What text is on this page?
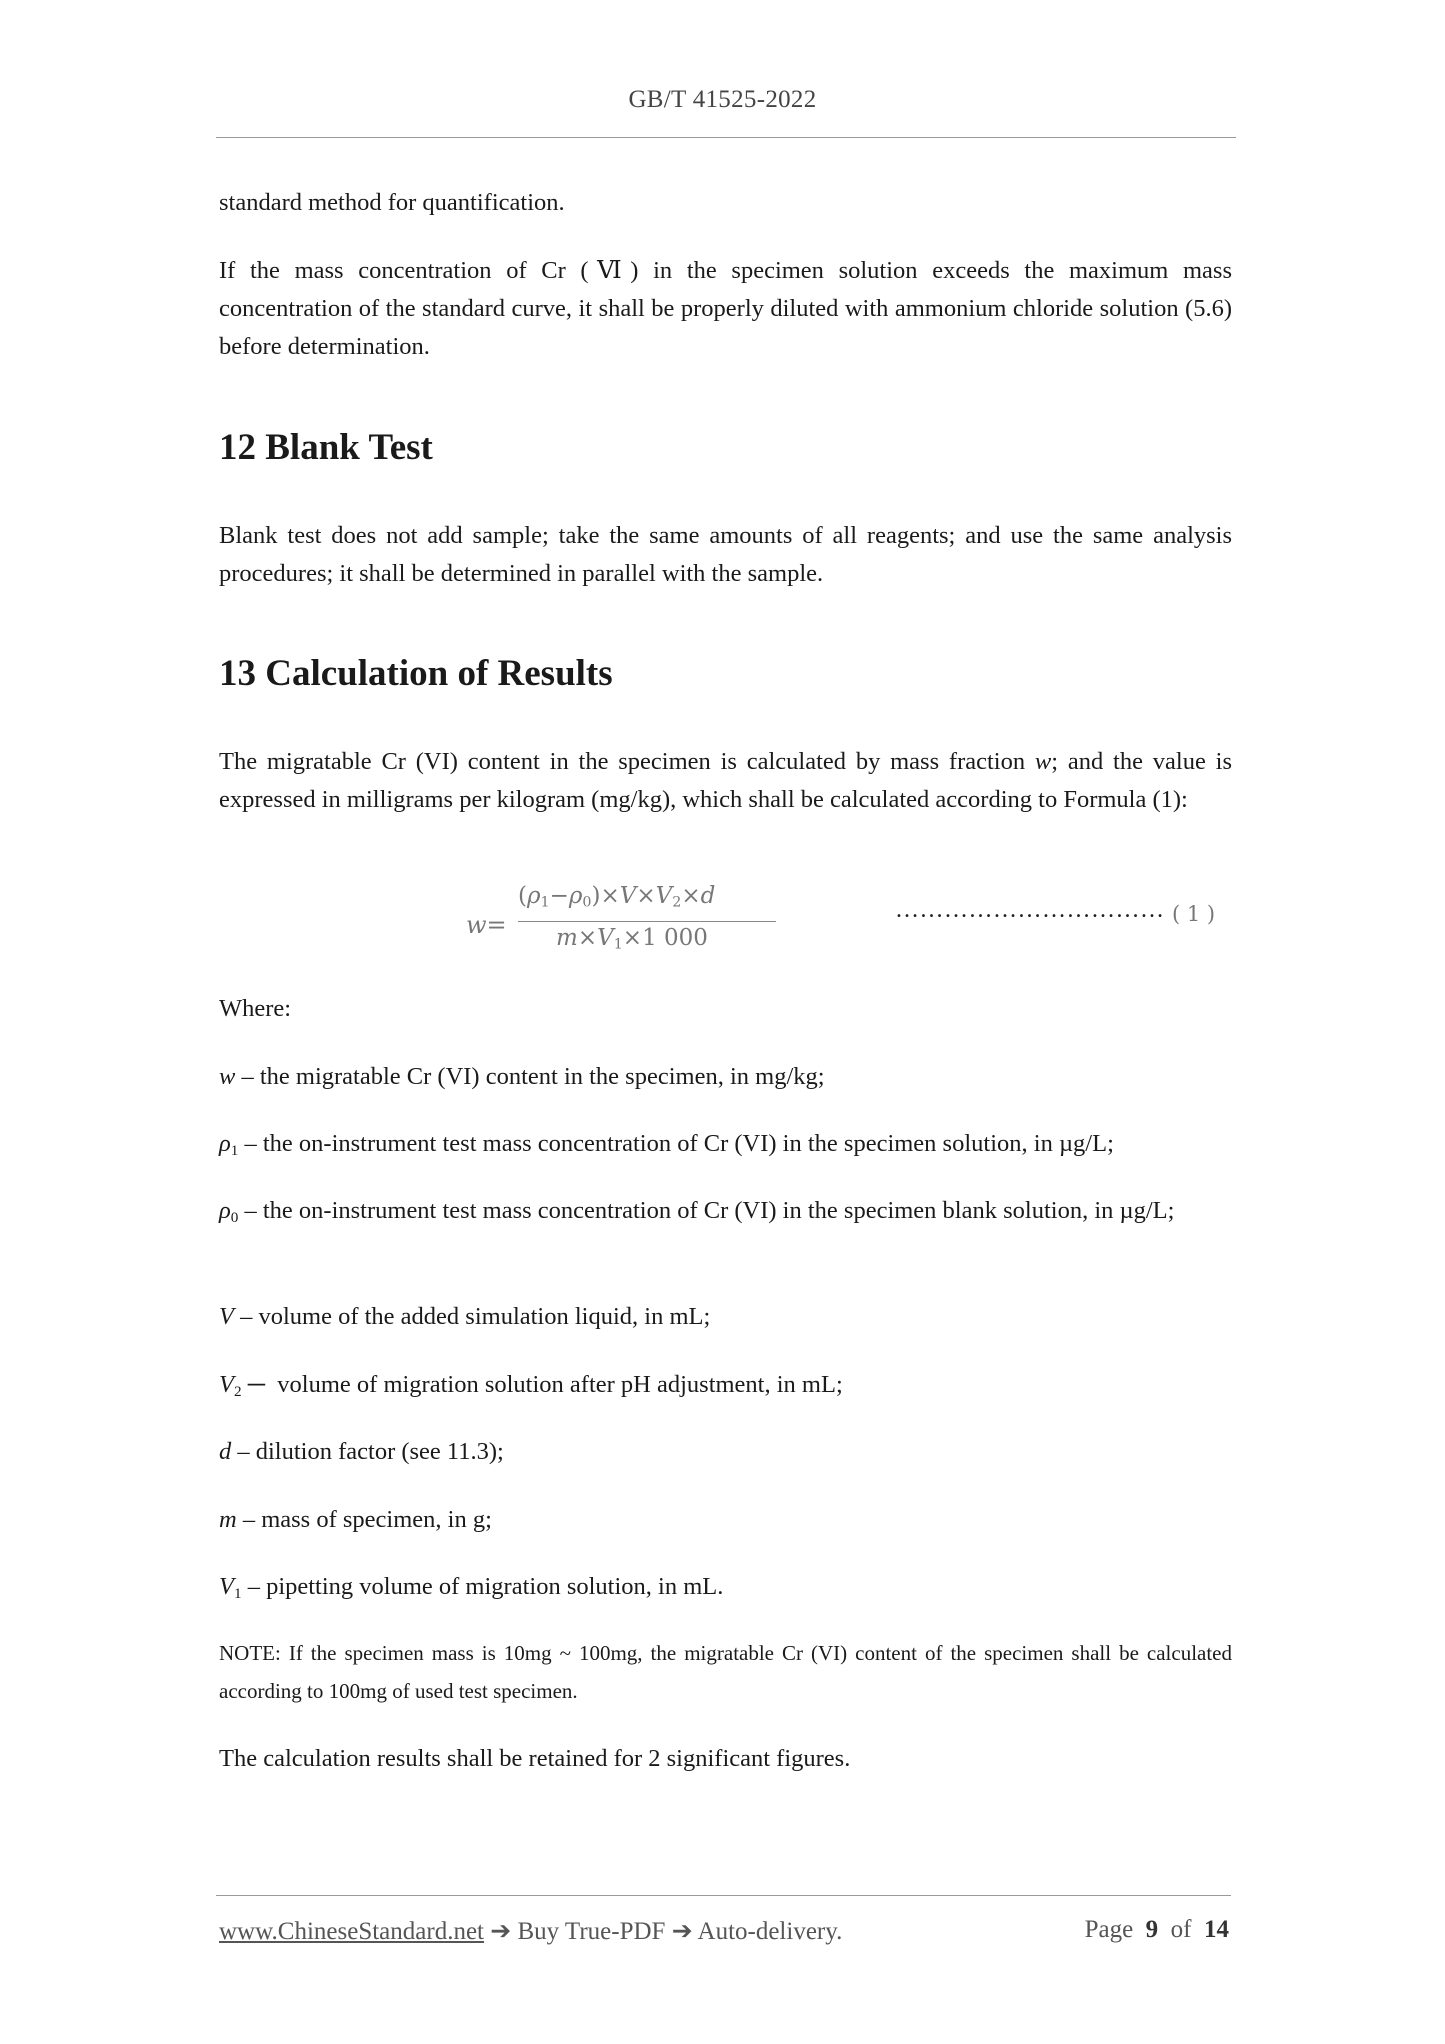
GB/T 41525-2022
standard method for quantification.
If the mass concentration of Cr (Ⅵ) in the specimen solution exceeds the maximum mass concentration of the standard curve, it shall be properly diluted with ammonium chloride solution (5.6) before determination.
12 Blank Test
Blank test does not add sample; take the same amounts of all reagents; and use the same analysis procedures; it shall be determined in parallel with the sample.
13 Calculation of Results
The migratable Cr (VI) content in the specimen is calculated by mass fraction w; and the value is expressed in milligrams per kilogram (mg/kg), which shall be calculated according to Formula (1):
Where:
w – the migratable Cr (VI) content in the specimen, in mg/kg;
$\rho_1$ – the on-instrument test mass concentration of Cr (VI) in the specimen solution, in µg/L;
$\rho_0$ – the on-instrument test mass concentration of Cr (VI) in the specimen blank solution, in µg/L;
V – volume of the added simulation liquid, in mL;
$V_2$ ─  volume of migration solution after pH adjustment, in mL;
d – dilution factor (see 11.3);
m – mass of specimen, in g;
$V_1$ – pipetting volume of migration solution, in mL.
NOTE: If the specimen mass is 10mg ~ 100mg, the migratable Cr (VI) content of the specimen shall be calculated according to 100mg of used test specimen.
The calculation results shall be retained for 2 significant figures.
w=
$(\rho_1-\rho_0)\times V\times V_2\times d$
$m\times V_1\times 1$ 000
…………………………… ( 1 )
www.ChineseStandard.net ➔ Buy True-PDF ➔ Auto-delivery.	Page 9 of 14
